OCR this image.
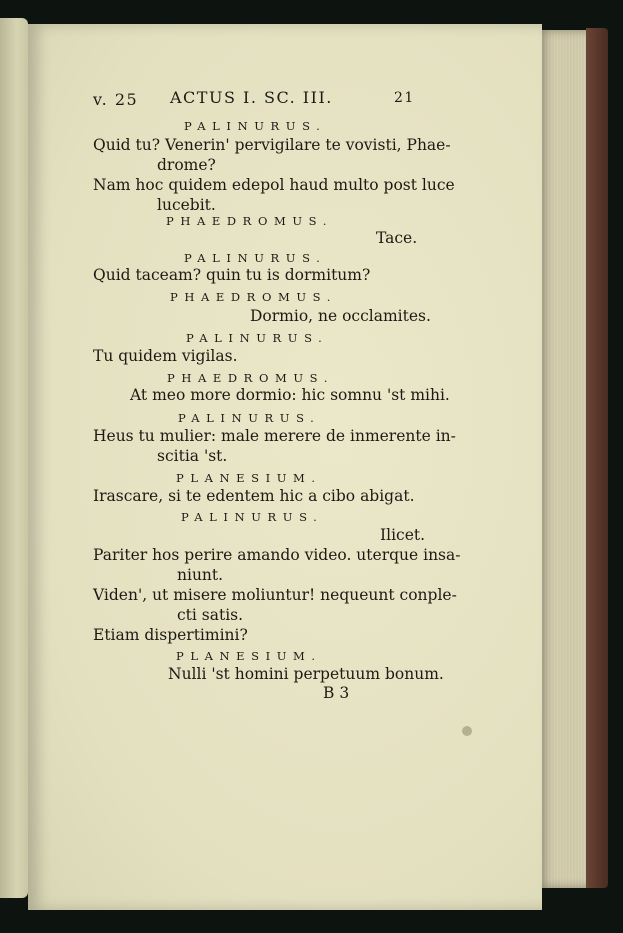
v. 25 ACTUS I. SC. III.	21
PALINURUS.
Quid tu? Venerin' pervigilare te vovisti, Phae-
drome?
Nam hoc quidem edepol haud multo post luce
lucebit.
PHAEDROMUS.
Tace.
PALINURUS.
Quid taceam? quin tu is dormitum?
PHAEDROMUS.
Dormio, ne occlamites.
PALINURUS.
Tu quidem vigilas.
PHAEDROMUS.
At meo more dormio: hic somnu 'st mihi.
PALINURUS.
Heus tu mulier: male merere de inmerente in-
scitia 'st.
PLANESIUM.
Irascare, si te edentem hic a cibo abigat.
PALINURUS.
Ilicet.
Pariter hos perire amando video. uterque insa-
niunt.
Viden', ut misere moliuntur! nequeunt conple-
cti satis.
Etiam dispertimini?
PLANESIUM.
Nulli 'st homini perpetuum bonum.
B 3
